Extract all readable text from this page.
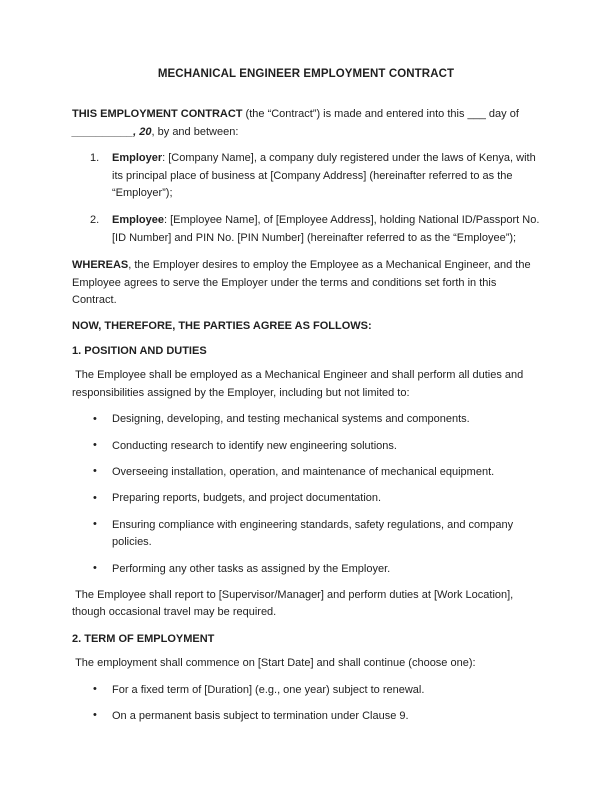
MECHANICAL ENGINEER EMPLOYMENT CONTRACT

THIS EMPLOYMENT CONTRACT (the “Contract”) is made and entered into this ___ day of __________, 20, by and between:

1. Employer: [Company Name], a company duly registered under the laws of Kenya, with its principal place of business at [Company Address] (hereinafter referred to as the “Employer”);
2. Employee: [Employee Name], of [Employee Address], holding National ID/Passport No. [ID Number] and PIN No. [PIN Number] (hereinafter referred to as the “Employee”);

WHEREAS, the Employer desires to employ the Employee as a Mechanical Engineer, and the Employee agrees to serve the Employer under the terms and conditions set forth in this Contract.

NOW, THEREFORE, THE PARTIES AGREE AS FOLLOWS:

1. POSITION AND DUTIES

The Employee shall be employed as a Mechanical Engineer and shall perform all duties and responsibilities assigned by the Employer, including but not limited to:

• Designing, developing, and testing mechanical systems and components.
• Conducting research to identify new engineering solutions.
• Overseeing installation, operation, and maintenance of mechanical equipment.
• Preparing reports, budgets, and project documentation.
• Ensuring compliance with engineering standards, safety regulations, and company policies.
• Performing any other tasks as assigned by the Employer.

The Employee shall report to [Supervisor/Manager] and perform duties at [Work Location], though occasional travel may be required.

2. TERM OF EMPLOYMENT

The employment shall commence on [Start Date] and shall continue (choose one):

• For a fixed term of [Duration] (e.g., one year) subject to renewal.
• On a permanent basis subject to termination under Clause 9.
